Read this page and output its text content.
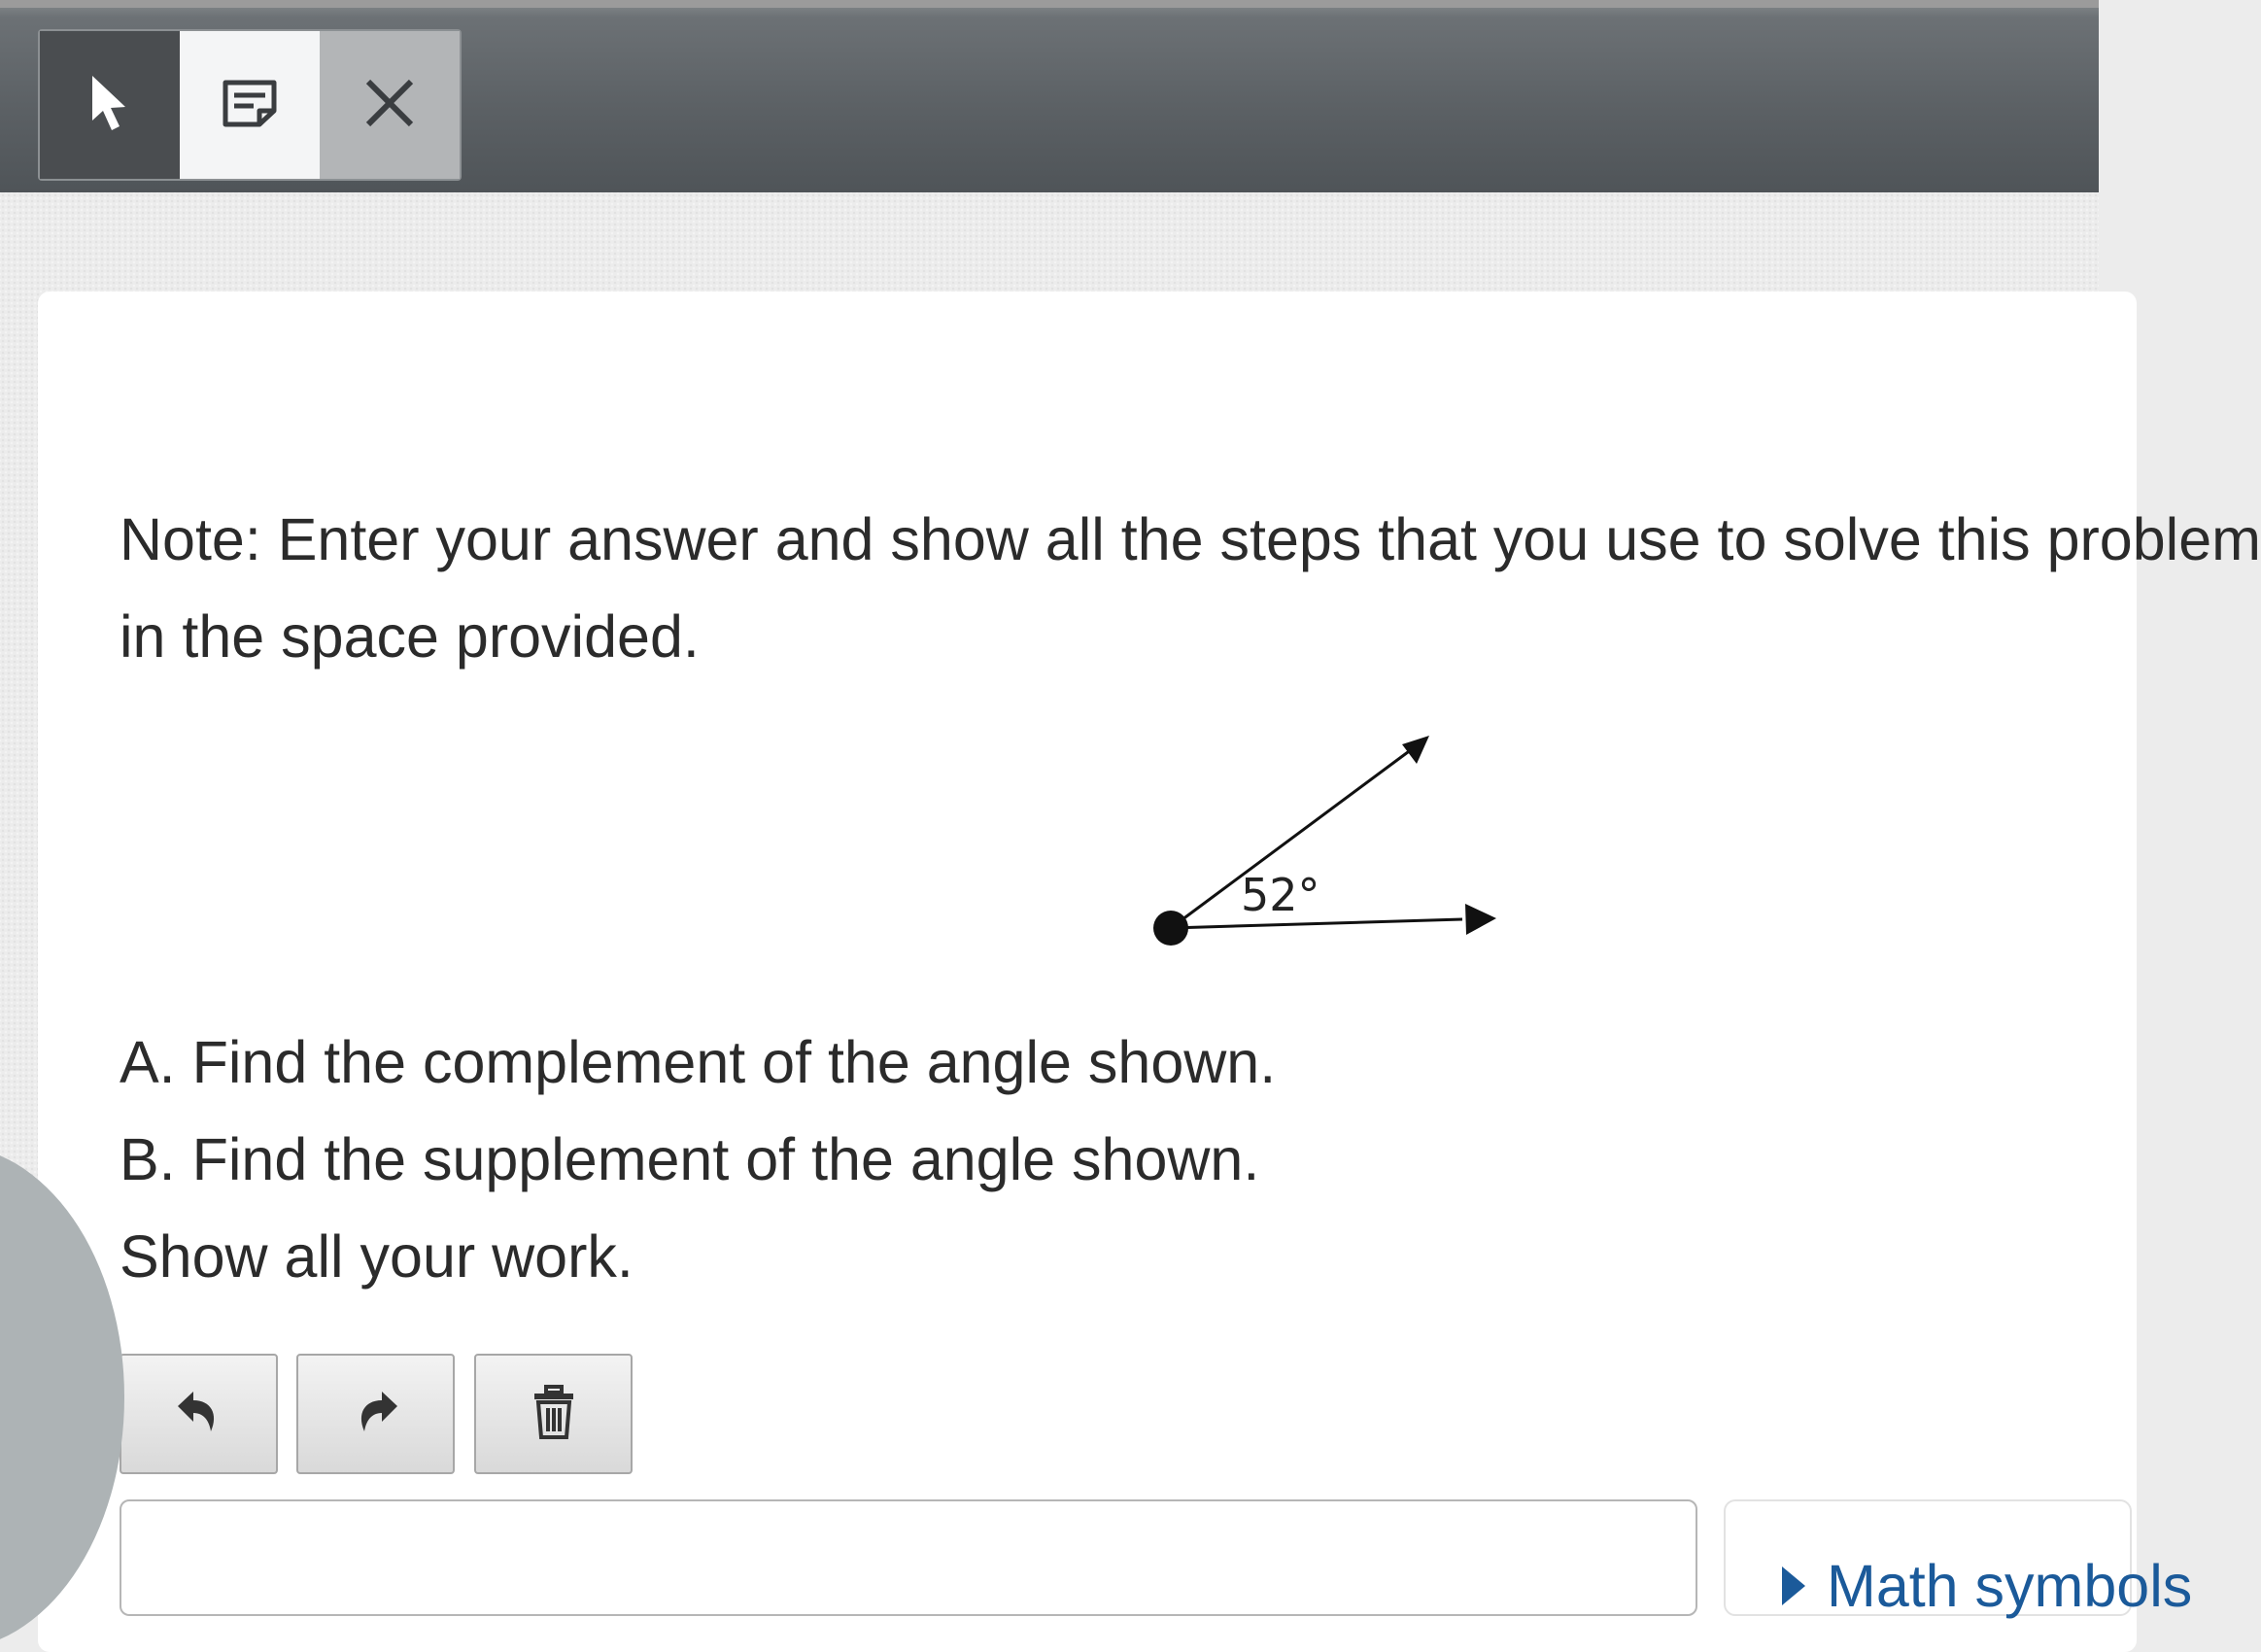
Note: Enter your answer and show all the steps that you use to solve this problem

in the space provided.

52°

A. Find the complement of the angle shown.

B. Find the supplement of the angle shown.

Show all your work.

Math symbols
